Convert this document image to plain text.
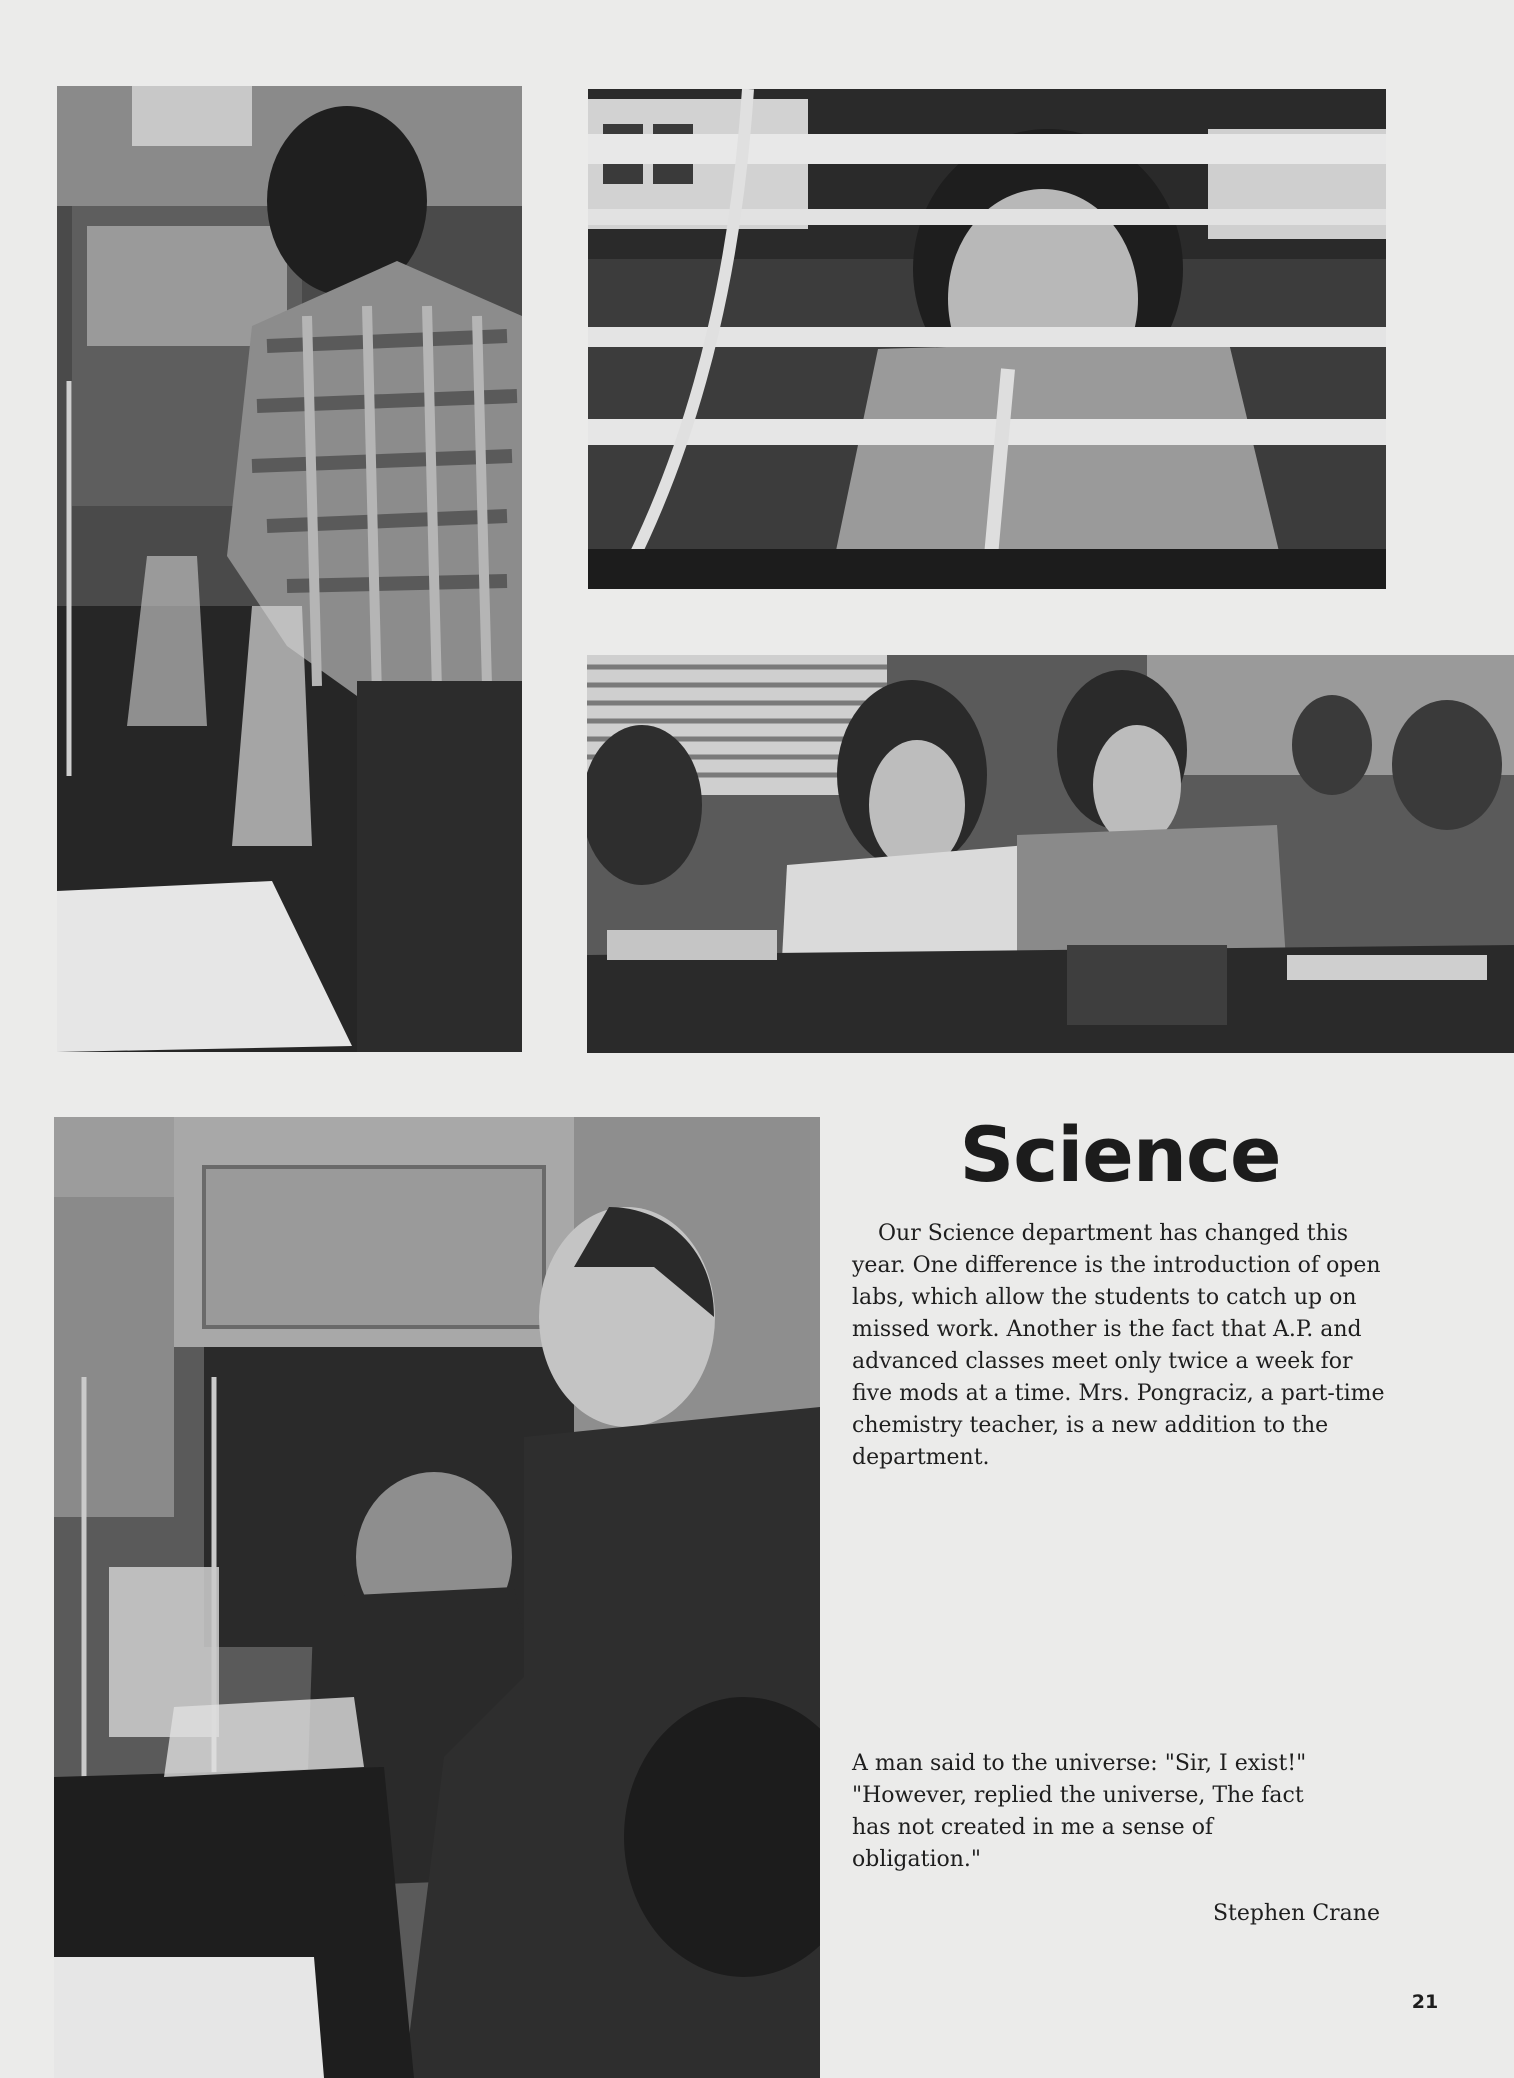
Science

Our Science department has changed this year. One difference is the introduction of open labs, which allow the students to catch up on missed work. Another is the fact that A.P. and advanced classes meet only twice a week for five mods at a time. Mrs. Pongraciz, a part-time chemistry teacher, is a new addition to the department.

A man said to the universe: "Sir, I exist!"
"However, replied the universe, The fact
has not created in me a sense of
obligation."

Stephen Crane

21
